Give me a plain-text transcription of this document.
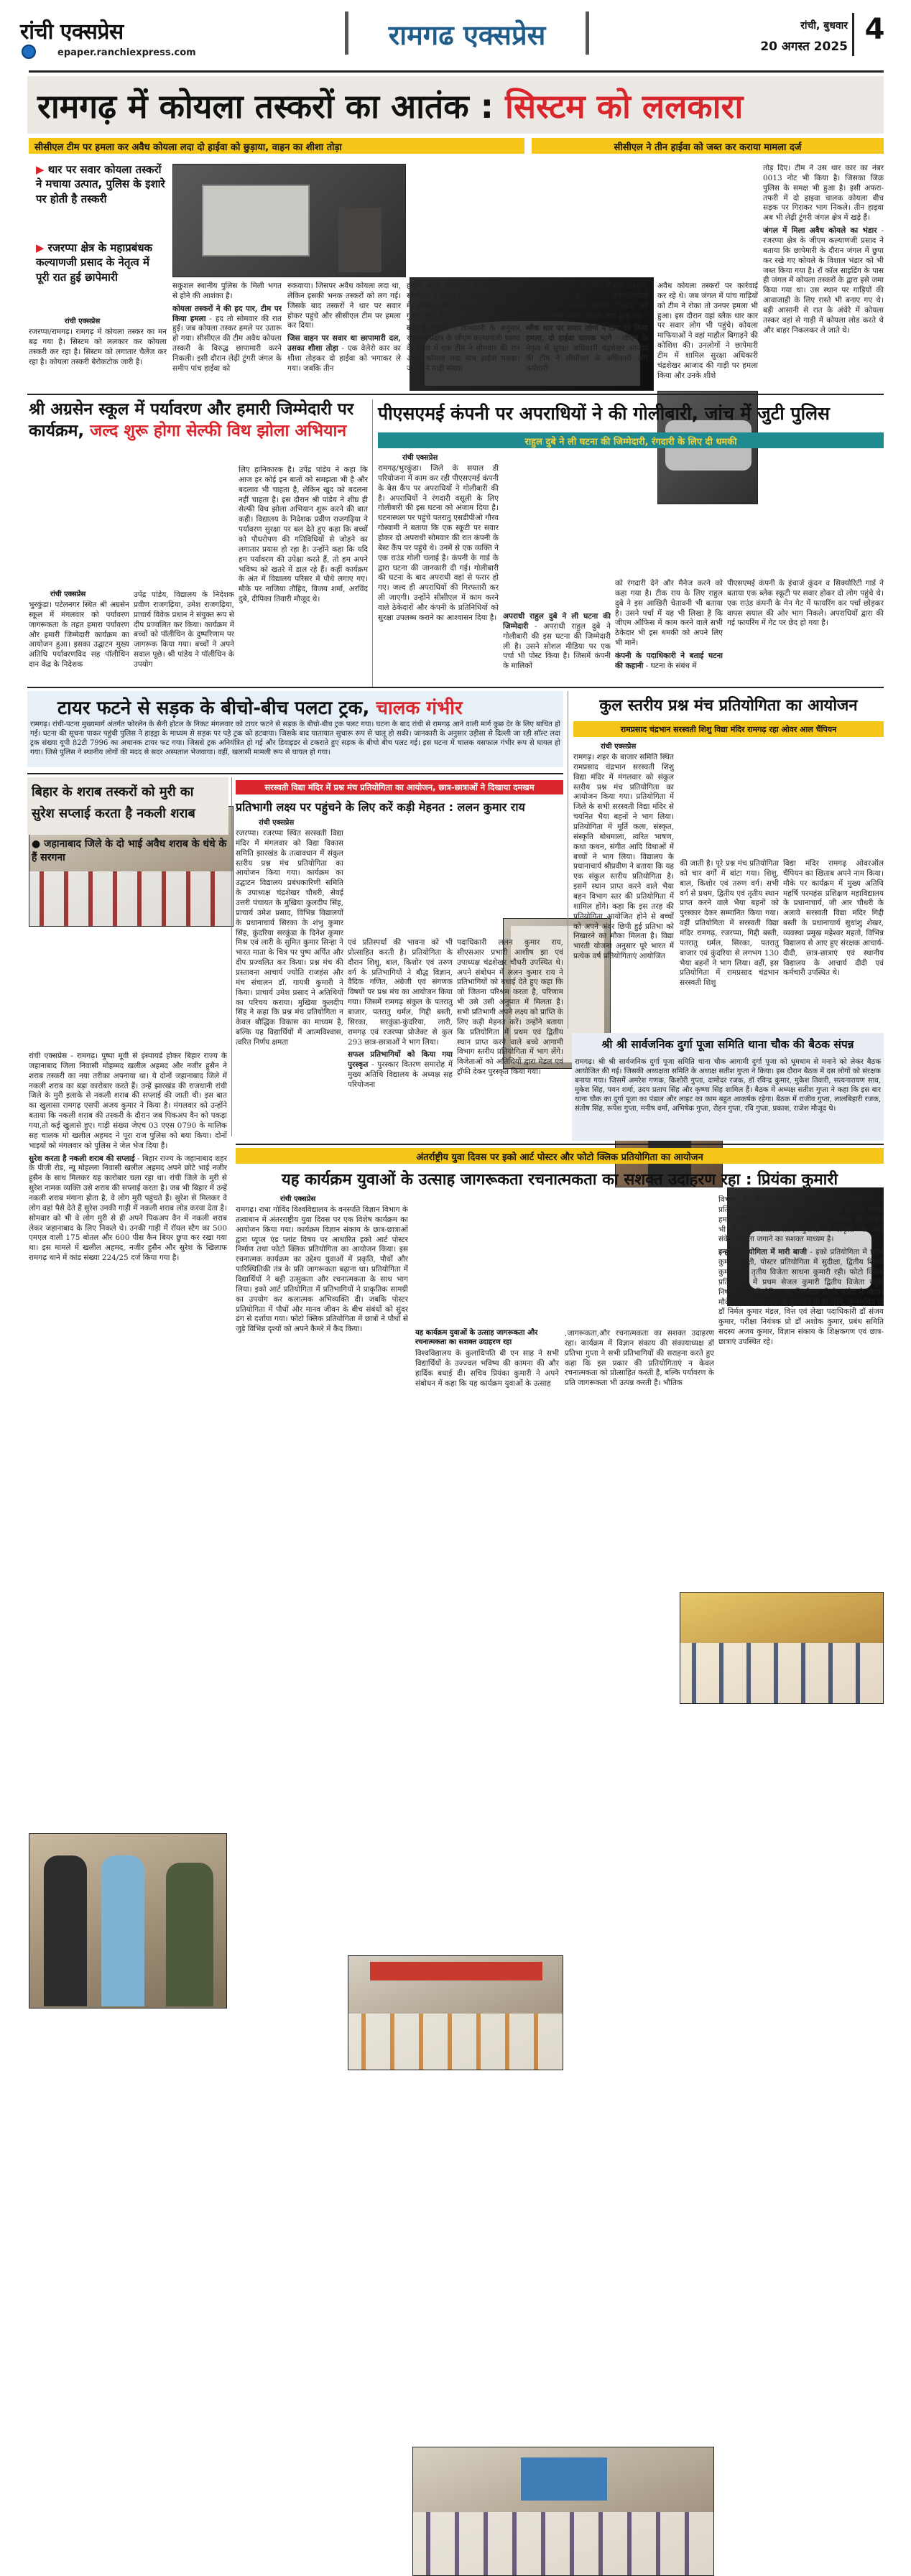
रांची एक्सप्रेस
epaper.ranchiexpress.com
रामगढ एक्सप्रेस	रांची, बुधवार
20 अगस्त 2025
4
रामगढ़ में कोयला तस्करों का आतंक : सिस्टम को ललकारा
सीसीएल टीम पर हमला कर अवैध कोयला लदा दो हाईवा को छुड़ाया, वाहन का शीशा तोड़ा	सीसीएल ने तीन हाईवा को जब्त कर कराया मामला दर्ज
▶ थार पर सवार कोयला तस्करों ने मचाया उत्पात, पुलिस के इशारे पर होती है तस्करी
▶ रजरप्पा क्षेत्र के महाप्रबंधक कल्याणजी प्रसाद के नेतृत्व में पूरी रात हुई छापेमारी
रांची एक्सप्रेस
रजरप्पा/रामगढ़। रामगढ़ में कोयला तस्कर का मन बढ़ गया है। सिस्टम को ललकार कर कोयला तस्करी कर रहा है। सिस्टम को लगातार चैलेंज कर रहा है। कोयला तस्करी बेरोकटोक जारी है।

सकुशल स्थानीय पुलिस के मिली भगत से होने की आशंका है।

कोयला तस्करों ने की हद पार, टीम पर किया हमला - हद तो सोमवार की रात हुई। जब कोयला तस्कर हमले पर उतारू हो गया। सीसीएल की टीम अवैध कोयला तस्करी के विरुद्ध छापामारी करने निकली। इसी दौरान लेढ़ी टुंगरी जंगल के समीप पांच हाईवा को

रुकवाया। जिसपर अवैध कोयला लदा था, लेकिन इसकी भनक तस्करों को लग गई। जिसके बाद तस्करों ने थार पर सवार होकर पहुंचे और सीसीएल टीम पर हमला कर दिया।

जिस वाहन पर सवार था छापामारी दल, उसका शीशा तोड़ा - एक वेलेरो कार का शीशा तोड़कर दो हाईवा को भगाकर ले गया। जबकि तीन

हाईवा अभी सीसीएल के कब्जे में है। सीसीएल ने मामले को लेकर रजरप्पा थाना में आवेदन देकर मामला दर्ज करने को गुहार लगाई है।

क्या है मामला - जानकारी के अनुसार रजरप्पा प्रक्षेत्र के जीएम कल्याणजी प्रसाद के नेतृत्व में एक टीम ने सोमवार की रात अवैध कोयला लदा पांच हाईवा पकड़ा। जीएम ने गाड़ी संख्या

ओडी09बी1734, जेएच02बीआर 2487, जेएच02बीएम7942, जेएच09बीडी 6790, और जेएच02बीएन 7942 को पकड़ा, जिसमें अवैध कोयला लदा हुआ था।

ब्लैक थार पर सवार लोगों ने टीम पर किया हमला, दो हाईवा चालक भागे - जीएम के नेतृत्व में सुरक्षा अधिकारी चंद्रशेखर आजाद की टीम ने सीसीएल के अधिकारी और कर्मचारी

अवैध कोयला तस्करों पर कार्रवाई कर रहे थे। जब जंगल में पांच गाड़ियों को टीम ने रोका तो उनपर हमला भी हुआ। इस दौरान वहां ब्लैक थार कार पर सवार लोग भी पहुंचे। कोयला माफियाओं ने वहां माहौल बिगाड़ने की कोशिश की। उनलोगों ने छापेमारी टीम में शामिल सुरक्षा अधिकारी चंद्रशेखर आजाद की गाड़ी पर हमला किया और उनके शीशे

तोड़ दिए। टीम ने उस थार कार का नंबर 0013 नोट भी किया है। जिसका जिक्र पुलिस के समक्ष भी हुआ है। इसी अफरा-तफरी में दो हाइवा चालक कोयला बीच सड़क पर गिराकर भाग निकले। तीन हाइवा अब भी लेढ़ी टुंगरी जंगल क्षेत्र में खड़े हैं।

जंगल में मिला अवैध कोयले का भंडार - रजरप्पा क्षेत्र के जीएम कल्याणजी प्रसाद ने बताया कि छापेमारी के दौरान जंगल में छुपा कर रखे गए कोयले के विशाल भंडार को भी जब्त किया गया है। रॉ कॉल साइडिंग के पास ही जंगल में कोयला तस्करों के द्वारा इसे जमा किया गया था। उस स्थान पर गाड़ियों की आवाजाही के लिए रास्ते भी बनाए गए थे। बड़ी आसानी से रात के अंधेरे में कोयला तस्कर वहां से गाड़ी में कोयला लोड करते थे और बाहर निकलकर ले जाते थे।

श्री अग्रसेन स्कूल में पर्यावरण और हमारी जिम्मेदारी पर कार्यक्रम, जल्द शुरू होगा सेल्फी विथ झोला अभियान
लिए हानिकारक है। उपेंद्र पांडेय ने कहा कि आज हर कोई इन बातों को समझता भी है और बदलाव भी चाहता है, लेकिन खुद को बदलना नहीं चाहता है। इस दौरान श्री पांडेय ने शीघ्र ही सेल्फी विथ झोला अभियान शुरू करने की बात कही। विद्यालय के निदेशक प्रवीण राजगढ़िया ने पर्यावरण सुरक्षा पर बल देते हुए कहा कि बच्चों को पौधरोपण की गतिविधियों से जोड़ने का लगातार प्रयास हो रहा है। उन्होंने कहा कि यदि हम पर्यावरण की उपेक्षा करते हैं, तो हम अपने भविष्य को खतरे में डाल रहे हैं। कहीं कार्यक्रम के अंत में विद्यालय परिसर में पौधे लगाए गए। मौके पर नाजिया तौहिद, विजय शर्मा, अरविंद दुबे, दीपिका तिवारी मौजूद थे।
रांची एक्सप्रेस
भुरकुंडा। पटेलनगर स्थित श्री अग्रसेन स्कूल में मंगलवार को पर्यावरण जागरूकता के तहत हमारा पर्यावरण और हमारी जिम्मेदारी कार्यक्रम का आयोजन हुआ। इसका उद्घाटन मुख्य अतिथि पर्यावरणविद सह पॉलीथिन दान केंद्र के निदेशक
उपेंद्र पांडेय, विद्यालय के निदेशक प्रवीण राजगढ़िया, उमेश राजगढ़िया, प्राचार्य विवेक प्रधान ने संयुक्त रूप से दीप प्रज्वलित कर किया। कार्यक्रम में बच्चों को पॉलीथिन के दुष्परिणाम पर जागरूक किया गया। बच्चों ने अपने सवाल पूछे। श्री पांडेय ने पॉलीथिन के उपयोग
पीएसएमई कंपनी पर अपराधियों ने की गोलीबारी, जांच में जुटी पुलिस
राहुल दुबे ने ली घटना की जिम्मेदारी, रंगदारी के लिए दी धमकी
रांची एक्सप्रेस
रामगढ़/भुरकुंडा। जिले के सयाल डी परियोजना में काम कर रही पीएसएमई कंपनी के बेस कैंप पर अपराधियों ने गोलीबारी की है। अपराधियों ने रंगदारी वसूली के लिए गोलीबारी की इस घटना को अंजाम दिया है। घटनास्थल पर पहुंचे पतरातु एसडीपीओ गौरव गोस्वामी ने बताया कि एक स्कूटी पर सवार होकर दो अपराधी सोमवार की रात कंपनी के बेस्ट कैंप पर पहुंचे थे। उनमें से एक व्यक्ति ने एक राउंड गोली चलाई है। कंपनी के गार्ड के द्वारा घटना की जानकारी दी गई। गोलीबारी की घटना के बाद अपराधी वहां से फरार हो गए। जल्द ही अपराधियों की गिरफ्तारी कर ली जाएगी। उन्होंने सीसीएल में काम करने वाले ठेकेदारों और कंपनी के प्रतिनिधियों को सुरक्षा उपलब्ध कराने का आश्वासन दिया है। अपराधी राहुल दुबे ने ली घटना की जिम्मेदारी - अपराधी राहुल दुबे ने गोलीबारी की इस घटना की जिम्मेदारी ली है। उसने सोशल मीडिया पर एक पर्चा भी पोस्ट किया है। जिसमें कंपनी के मालिकों

को रंगदारी देने और मैनेज करने को कहा गया है। टीक राय के लिए राहुल दुबे ने इस आखिरी चेतावनी भी बताया है। उसने पर्चा में यह भी लिखा है कि जीएम ऑफिस में काम करने वाले सभी ठेकेदार भी इस धमकी को अपने लिए भी मानें।

कंपनी के पदाधिकारी ने बताई घटना की कहानी - घटना के संबंध में

पीएसएमई कंपनी के इंचार्ज कुंदन व सिक्योरिटी गार्ड ने बताया एक ब्लेक स्कूटी पर सवार होकर दो लोग पहुंचे थे। एक राउंड कंपनी के मेन गेट में फायरिंग कर पर्चा छोड़कर वापस सयाल की ओर भाग निकले। अपराधियों द्वारा की गई फायरिंग में गेट पर छेद हो गया है।
टायर फटने से सड़क के बीचो-बीच पलटा ट्रक, चालक गंभीर
रामगढ़। रांची-पटना मुख्यमार्ग अंतर्गत फोरलेन के सैनी होटल के निकट मंगलवार को टायर फटने से सड़क के बीचो-बीच ट्रक पलट गया। घटना के बाद रांची से रामगढ़ आने वाली मार्ग कुछ देर के लिए बाधित हो गई। घटना की सूचना पाकर पहुंची पुलिस ने हाइड्रा के माध्यम से सड़क पर पड़े ट्रक को हटवाया। जिसके बाद यातायात सुचारू रूप से चालू हो सकी। जानकारी के अनुसार उड़ीसा से दिल्ली जा रही सॉल्ट लदा ट्रक संख्या यूपी 82टी 7996 का अचानक टायर फट गया। जिससे ट्रक अनियंत्रित हो गई और डिवाइडर से टकराते हुए सड़क के बीचो बीच पलट गई। इस घटना में चालक वसफाल गंभीर रूप से घायल हो गया। जिसे पुलिस ने स्थानीय लोगों की मदद से सदर अस्पताल भेजवाया। वहीं, खलासी मामली रूप से घायल हो गया।
कुल स्तरीय प्रश्न मंच प्रतियोगिता का आयोजन
रामप्रसाद चंद्रभान सरस्वती शिशु विद्या मंदिर रामगढ़ रहा ओवर आल चैंपियन
रांची एक्सप्रेस
रामगढ़। शहर के बाजार समिति स्थित रामप्रसाद चंद्रभान सरस्वती शिशु विद्या मंदिर में मंगलवार को संकुल स्तरीय प्रश्न मंच प्रतियोगिता का आयोजन किया गया। प्रतियोगिता में जिले के सभी सरस्वती विद्या मंदिर से चयनित भैया बहनों ने भाग लिया। प्रतियोगिता में मूर्ति कला, संस्कृत, संस्कृति बोधमाला, त्वरित भाषण, कथा कथन, संगीत आदि विधाओं में बच्चों ने भाग लिया। विद्यालय के प्रधानाचार्य श्रीप्रवीण ने बताया कि यह एक संकुल स्तरीय प्रतियोगिता है। इसमें स्थान प्राप्त करने वाले भैया बहन विभाग स्तर की प्रतियोगिता में शामिल होंगे। कहा कि इस तरह की प्रतियोगिता आयोजित होने से बच्चों को अपने अंदर छिपी हुई प्रतिभा को निखारने का मौका मिलता है। विद्या भारती योजना अनुसार पूरे भारत में प्रत्येक वर्ष प्रतियोगिताएं आयोजित
की जाती है। पूरे प्रश्न मंच प्रतियोगिता को चार वर्गों में बांटा गया। शिशु, बाल, किशोर एवं तरुण वर्ग। सभी वर्ग से प्रथम, द्वितीय एवं तृतीय स्थान प्राप्त करने वाले भैया बहनों को पुरस्कार देकर सम्मानित किया गया। वहीं प्रतियोगिता में सरस्वती विद्या मंदिर रामगढ़, रजरप्पा, गिद्दी बस्ती, पतरातु थर्मल, सिरका, पतरातु बाजार एवं कुंदरिया से लगभग 130 भैया बहनों ने भाग लिया। वहीं, इस प्रतियोगिता में रामप्रसाद चंद्रभान सरस्वती शिशु
विद्या मंदिर रामगढ़ ओवरऑल चैंपियन का खिताब अपने नाम किया। मौके पर कार्यक्रम में मुख्य अतिथि महर्षि परमहंस प्रशिक्षण महाविद्यालय के प्रधानाचार्य, जी आर चौधरी के अलावे सरस्वती विद्या मंदिर गिद्दी बस्ती के प्रधानाचार्य सुधांशु शेखर, व्यवस्था प्रमुख महेश्वर महतो, विभिन्न विद्यालय से आए हुए संरक्षक आचार्य-दीदी, छात्र-छात्राएं एवं स्थानीय विद्यालय के आचार्य दीदी एवं कर्मचारी उपस्थित थे।
बिहार के शराब तस्करों को मुरी का
सुरेश सप्लाई करता है नकली शराब
● जहानाबाद जिले के दो भाई अवैध शराब के धंधे के हैं सरगना

रांची एक्सप्रेस - रामगढ़। पुष्पा मूवी से इंस्पायर्ड होकर बिहार राज्य के जहानाबाद जिला निवासी मोहम्मद खलील अहमद और नजीर हुसैन ने शराब तस्करी का नया तरीका अपनाया था। ये दोनों जहानाबाद जिले में नकली शराब का बड़ा कारोबार करते हैं। उन्हें झारखंड की राजधानी रांची जिले के मुरी इलाके से नकली शराब की सप्लाई की जाती थी। इस बात का खुलासा रामगढ़ एसपी अजय कुमार ने किया है। मंगलवार को उन्होंने बताया कि नकली शराब की तस्करी के दौरान जब पिकअप वैन को पकड़ा गया,तो कई खुलासे हुए। गाड़ी संख्या जेएच 03 एएस 0790 के मालिक सह चालक मो खलील अहमद ने पूरा राज पुलिस को बया किया। दोनों भाइयों को मंगलवार को पुलिस ने जेल भेज दिया है।

सुरेश करता है नकली शराब की सप्लाई - बिहार राज्य के जहानाबाद शहर के पीजी रोड, न्यू मोहल्ला निवासी खलील अहमद अपने छोटे भाई नजीर हुसैन के साथ मिलकर यह कारोबार चला रहा था। रांची जिले के मुरी से सुरेश नामक व्यक्ति उसे शराब की सप्लाई करता है। जब भी बिहार में उन्हें नकली शराब मंगाना होता है, वे लोग मुरी पहुंचते हैं। सुरेश से मिलकर वे लोग वहां पैसे देते हैं सुरेश उनकी गाड़ी में नकली शराब लोड करवा देता है। सोमवार को भी वे लोग मुरी से ही अपने पिकअप वैन में नकली शराब लेकर जहानाबाद के लिए निकले थे। उनकी गाड़ी में रॉयल स्टैग का 500 एमएल वाली 175 बोतल और 600 पीस कैन बियर छुपा कर रखा गया था। इस मामले में खलील अहमद, नजीर हुसैन और सुरेश के खिलाफ रामगढ़ थाने में कांड संख्या 224/25 दर्ज किया गया है।

सरस्वती विद्या मंदिर में प्रश्न मंच प्रतियोगिता का आयोजन, छात्र-छात्राओं ने दिखाया दमखम
प्रतिभागी लक्ष्य पर पहुंचने के लिए करें कड़ी मेहनत : ललन कुमार राय
रांची एक्सप्रेस
रजरप्पा। रजरप्पा स्थित सरस्वती विद्या मंदिर में मंगलवार को विद्या विकास समिति झारखंड के तत्वावधान में संकुल स्तरीय प्रश्न मंच प्रतियोगिता का आयोजन किया गया। कार्यक्रम का उद्घाटन विद्यालय प्रबंधकारिणी समिति के उपाध्यक्ष चंद्रशेखर चौधरी, सेवई उत्तरी पंचायत के मुखिया कुलदीप सिंह, प्राचार्य उमेश प्रसाद, विभिन्न विद्यालयों के प्रधानाचार्य सिरका के शंभु कुमार सिंह, कुंदरिया सरकुंडा के दिनेश कुमार मिश्र एवं लारी के सुमित कुमार सिन्हा ने भारत माता के चित्र पर पुष्प अर्पित और दीप प्रज्वलित कर किया। प्रश्न मंच की प्रस्तावना आचार्य ज्योति राजहंस और मंच संचालन डॉ. गायत्री कुमारी ने किया। प्राचार्य उमेश प्रसाद ने अतिथियों का परिचय कराया। मुखिया कुलदीप सिंह ने कहा कि प्रश्न मंच प्रतियोगिता न केवल बौद्धिक विकास का माध्यम है, बल्कि यह विद्यार्थियों में आत्मविश्वास, त्वरित निर्णय क्षमता

एवं प्रतिस्पर्धा की भावना को भी प्रोत्साहित करती है। प्रतियोगिता के दौरान शिशु, बाल, किशोर एवं तरुण वर्ग के प्रतिभागियों ने बौद्ध विज्ञान, वैदिक गणित, अंग्रेजी एवं संगणक विषयों पर प्रश्न मंच का आयोजन किया गया। जिसमें रामगढ़ संकुल के पतरातु बाजार, पतरातु थर्मल, गिद्दी बस्ती, सिरका, सरकुंडा-कुंदरिया, लारी, रामगढ़ एवं रजरप्पा प्रोजेक्ट से कुल 293 छात्र-छात्राओं ने भाग लिया।

सफल प्रतिभागियों को किया गया पुरस्कृत - पुरस्कार वितरण समारोह में मुख्य अतिथि विद्यालय के अध्यक्ष सह परियोजना

पदाधिकारी ललन कुमार राय, सीएसआर प्रभारी आशीष झा एवं उपाध्यक्ष चंद्रशेखर चौधरी उपस्थित थे। अपने संबोधन में ललन कुमार राय ने प्रतिभागियों को बधाई देते हुए कहा कि जो जितना परिश्रम करता है, परिणाम भी उसे उसी अनुपात में मिलता है। सभी प्रतिभागी अपने लक्ष्य को प्राप्ति के लिए कड़ी मेहनत करें। उन्होंने बताया कि प्रतियोगिता में प्रथम एवं द्वितीय स्थान प्राप्त करने वाले बच्चे आगामी विभाग स्तरीय प्रतियोगिता में भाग लेंगे। विजेताओं को अतिथियों द्वारा मेडल एवं ट्रॉफी देकर पुरस्कृत किया गया।
श्री श्री सार्वजनिक दुर्गा पूजा समिति थाना चौक की बैठक संपन्न
रामगढ़। श्री श्री सार्वजनिक दुर्गा पूजा समिति थाना चौक आगामी दुर्गा पूजा को धूमधाम से मनाने को लेकर बैठक आयोजित की गई। जिसकी अध्यक्षता समिति के अध्यक्ष सतीश गुप्ता ने किया। इस दौरान बैठक में दस लोगों को संरक्षक बनाया गया। जिसमें अमरेश गणक, किशोरी गुप्ता, दामोदर रजक, डॉ रविन्द्र कुमार, मुकेश तिवारी, सत्यनारायण साव, मुकेश सिंह, पवन शर्मा, उदय प्रताप सिंह और कृष्णा सिंह शामिल हैं। बैठक में अध्यक्ष सतीश गुप्ता ने कहा कि इस बार थाना चौक का दुर्गा पूजा का पंडाल और लाइट का काम बहुत आकर्षक रहेगा। बैठक में राजीव गुप्ता, लालबिहारी रजक, संतोष सिंह, रूपेश गुप्ता, मनीष वर्मा, अभिषेक गुप्ता, रोहन गुप्ता, रवि गुप्ता, प्रकाश, राजेश मौजूद थे।
अंतर्राष्ट्रीय युवा दिवस पर इको आर्ट पोस्टर और फोटो क्लिक प्रतियोगिता का आयोजन
यह कार्यक्रम युवाओं के उत्साह जागरूकता रचनात्मकता का सशक्त उदाहरण रहा : प्रियंका कुमारी
रांची एक्सप्रेस
रामगढ़। राधा गोविंद विश्वविद्यालय के वनस्पति विज्ञान विभाग के तत्वाधान में अंतरराष्ट्रीय युवा दिवस पर एक विशेष कार्यक्रम का आयोजन किया गया। कार्यक्रम विज्ञान संकाय के छात्र-छात्राओं द्वारा प्यूप्ल एंड प्लांट विषय पर आधारित इको आर्ट पोस्टर निर्माण तथा फोटो क्लिक प्रतियोगिता का आयोजन किया। इस रचनात्मक कार्यक्रम का उद्देश्य युवाओं में प्रकृति, पौधों और पारिस्थितिकी तंत्र के प्रति जागरूकता बढ़ाना था। प्रतियोगिता में विद्यार्थियों ने बड़ी उत्सुकता और रचनात्मकता के साथ भाग लिया। इको आर्ट प्रतियोगिता में प्रतिभागियों ने प्राकृतिक सामग्री का उपयोग कर कलात्मक अभिव्यक्ति दी। जबकि पोस्टर प्रतियोगिता में पौधों और मानव जीवन के बीच संबंधों को सुंदर ढंग से दर्शाया गया। फोटो क्लिक प्रतियोगिता में छात्रों ने पौधों से जुड़े विभिन्न दृश्यों को अपने कैमरे में कैद किया।	यह कार्यक्रम युवाओं के उत्साह जागरूकता और रचनात्मकता का सशक्त उदाहरण रहा
विश्वविद्यालय के कुलाधिपति बी एन साह ने सभी विद्यार्थियों के उज्ज्वल भविष्य की कामना की और हार्दिक बधाई दी। सचिव प्रियंका कुमारी ने अपने संबोधन में कहा कि यह कार्यक्रम युवाओं के उत्साह
,जागरूकता,और रचनात्मकता का सशक्त उदाहरण रहा। कार्यक्रम में विज्ञान संकाय की संकायाध्यक्ष डॉ प्रतिभा गुप्ता ने सभी प्रतिभागियों की सराहना करते हुए कहा कि इस प्रकार की प्रतियोगिताएं न केवल रचनात्मकता को प्रोत्साहित करती है, बल्कि पर्यावरण के प्रति जागरूकता भी उत्पन्न करती है। भौतिक

विभाग के विभागाध्यक्ष डॉ धीरज कुमार कुशवाहा ने प्रतिभागियों का उत्साह बढ़ाते हुए कहा की पौधे न केवल हमारे पर्यावरण की जान है बल्कि हमारे अस्तित्व की आधार भी है ऐसी प्रतियोगिताएं युवाओं में प्रकृति के प्रति संवेदनशीलता जगाने का सशक्त माध्यम है।

इन्होंने प्रतियोगिता में मारी बाजी - इको प्रतियोगिता में प्रथम कुमारी साक्षी, पोस्टर प्रतियोगिता में सुदीक्षा, द्वितीय शिल्पी कुमारी एवं तृतीय विजेता साधना कुमारी रही। फोटो क्लिक प्रतियोगिता में प्रथम सेजल कुमारी द्वितीय विजेता राहुल निषाद रहे। प्रतियोगिता का निर्णायक बी के पांडेय ने किया। मौके पर विश्वविद्यालय के कुलपति प्रो डॉ रश्मि, कुलसचिव प्रो डॉ निर्मल कुमार मंडल, वित्त एवं लेखा पदाधिकारी डॉ संजय कुमार, परीक्षा नियंत्रक प्रो डॉ अशोक कुमार, प्रबंध समिति सदस्य अजय कुमार, विज्ञान संकाय के शिक्षकगण एवं छात्र-छात्राएं उपस्थित रहे।
